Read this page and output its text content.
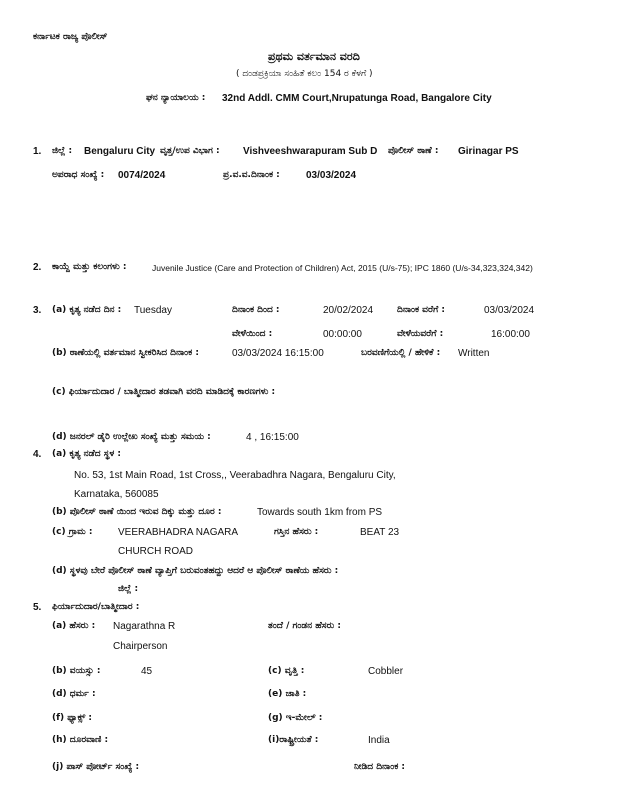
ಕರ್ನಾಟಕ ರಾಜ್ಯ ಪೊಲೀಸ್
ಪ್ರಥಮ ವರ್ತಮಾನ ವರದಿ
( ದಂಡಪ್ರಕ್ರಿಯಾ ಸಂಹಿತೆ ಕಲಂ 154 ರ ಕೆಳಗೆ )
ಘನ ನ್ಯಾಯಾಲಯ : 32nd Addl. CMM Court,Nrupatunga Road, Bangalore City
1. ಜಿಲ್ಲೆ : Bengaluru City ವೃತ್ತ/ಉಪ ವಿಭಾಗ : Vishveeshwarapuram Sub D ಪೊಲೀಸ್ ಠಾಣೆ : Girinagar PS
ಅಪರಾಧ ಸಂಖ್ಯೆ : 0074/2024	ಪ್ರ.ವ.ವ.ದಿನಾಂಕ :	03/03/2024
2. ಕಾಯ್ದೆ ಮತ್ತು ಕಲಂಗಳು :	Juvenile Justice (Care and Protection of Children) Act, 2015 (U/s-75); IPC 1860 (U/s-34,323,324,342)
3. (a) ಕೃತ್ಯ ನಡೆದ ದಿನ : Tuesday	ದಿನಾಂಕ ದಿಂದ :	20/02/2024	ದಿನಾಂಕ ವರೆಗೆ :	03/03/2024
ವೇಳೆಯಿಂದ :	00:00:00	ವೇಳೆಯವರೆಗೆ :	16:00:00
(b) ಠಾಣೆಯಲ್ಲಿ ವರ್ತಮಾನ ಸ್ವೀಕರಿಸಿದ ದಿನಾಂಕ :	03/03/2024 16:15:00	ಬರವಣಿಗೆಯಲ್ಲಿ / ಹೇಳಿಕೆ : Written
(c) ಫಿರ್ಯಾದುದಾರ / ಬಾತ್ಮೀದಾರ ತಡವಾಗಿ ವರದಿ ಮಾಡಿದಕ್ಕೆ ಕಾರಣಗಳು :
(d) ಜನರಲ್ ಡೈರಿ ಉಲ್ಲೇಖ ಸಂಖ್ಯೆ ಮತ್ತು ಸಮಯ :	4 , 16:15:00
4. (a) ಕೃತ್ಯ ನಡೆದ ಸ್ಥಳ :
No. 53, 1st Main Road, 1st Cross,, Veerabadhra Nagara, Bengaluru City,
Karnataka, 560085
(b) ಪೊಲೀಸ್ ಠಾಣೆ ಯಿಂದ ಇರುವ ದಿಕ್ಕು ಮತ್ತು ದೂರ :	Towards south 1km from PS
(c) ಗ್ರಾಮ :	VEERABHADRA NAGARA
CHURCH ROAD
ಗಸ್ತಿನ ಹೆಸರು :	BEAT 23
(d) ಸ್ಥಳವು ಬೇರೆ ಪೊಲೀಸ್ ಠಾಣೆ ವ್ಯಾಪ್ತಿಗೆ ಬರುವಂತಹದ್ದು ಆದರೆ ಆ ಪೊಲೀಸ್ ಠಾಣೆಯ ಹೆಸರು :
ಜಿಲ್ಲೆ :
5. ಫಿರ್ಯಾದುದಾರ/ಬಾತ್ಮೀದಾರ :
(a) ಹೆಸರು : Nagarathna R
Chairperson
ತಂದೆ / ಗಂಡನ ಹೆಸರು :
(b) ವಯಸ್ಸು :	45	(c) ವೃತ್ತಿ :	Cobbler
(d) ಧರ್ಮ :	(e) ಜಾತಿ :
(f) ಫ್ಯಾಕ್ಸ್ :	(g) ಇ-ಮೇಲ್ :
(h) ದೂರವಾಣಿ :	(i)ರಾಷ್ಟ್ರೀಯತೆ :	India
(j) ಪಾಸ್ ಪೋರ್ಟ್ ಸಂಖ್ಯೆ :	ನೀಡಿದ ದಿನಾಂಕ :
